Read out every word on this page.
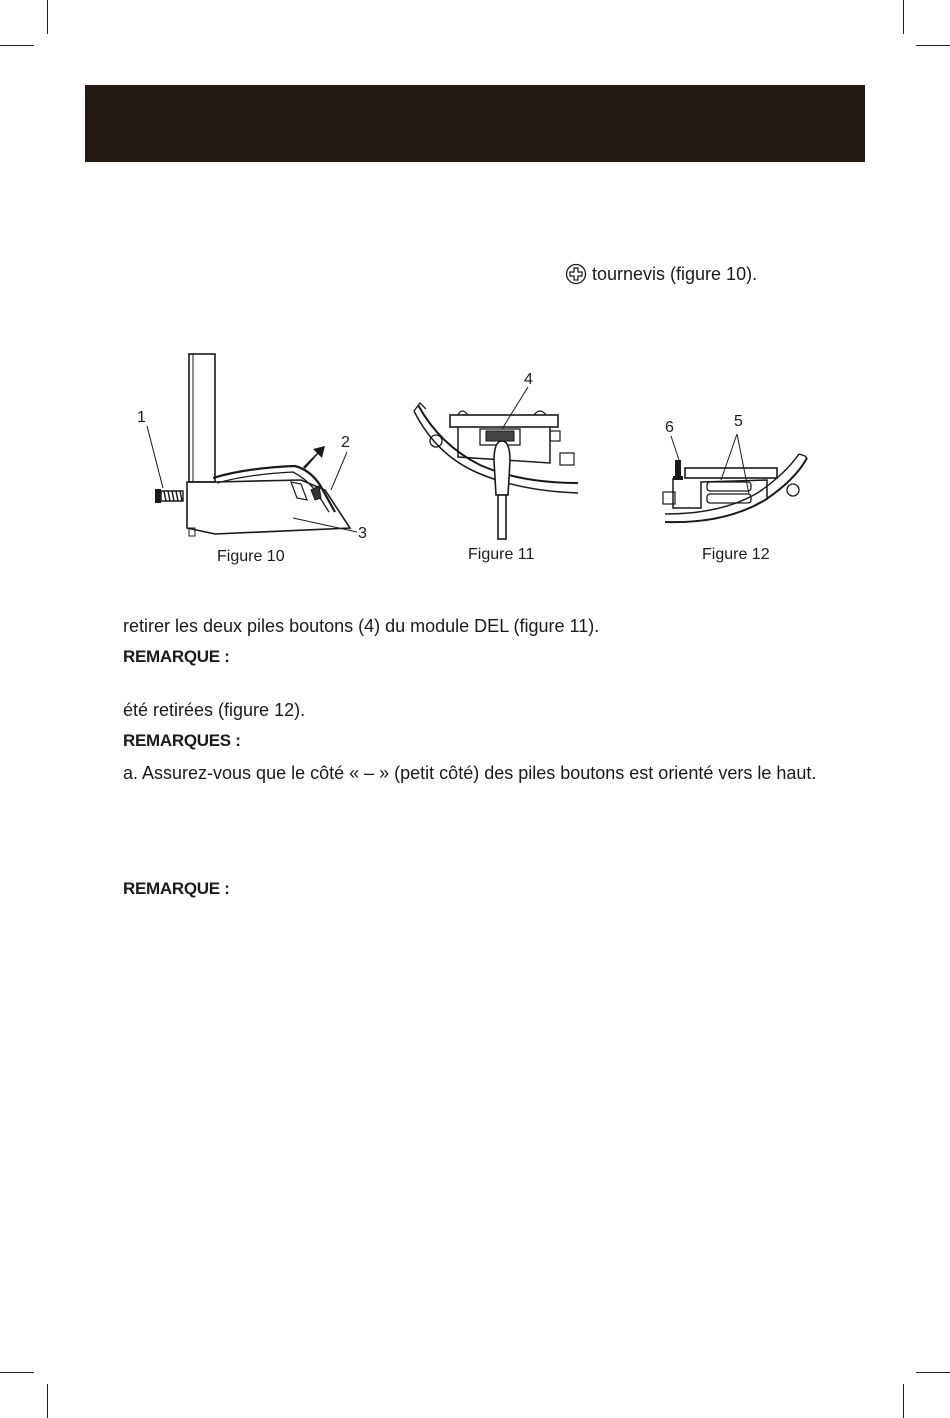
tournevis (figure 10).
1
2
3
Figure 10
4
Figure 11
5
6
Figure 12
retirer les deux piles boutons (4) du module DEL (figure 11).
REMARQUE :
été retirées (figure 12).
REMARQUES :
a. Assurez-vous que le côté « – » (petit côté) des piles boutons est orienté vers le haut.
REMARQUE :
